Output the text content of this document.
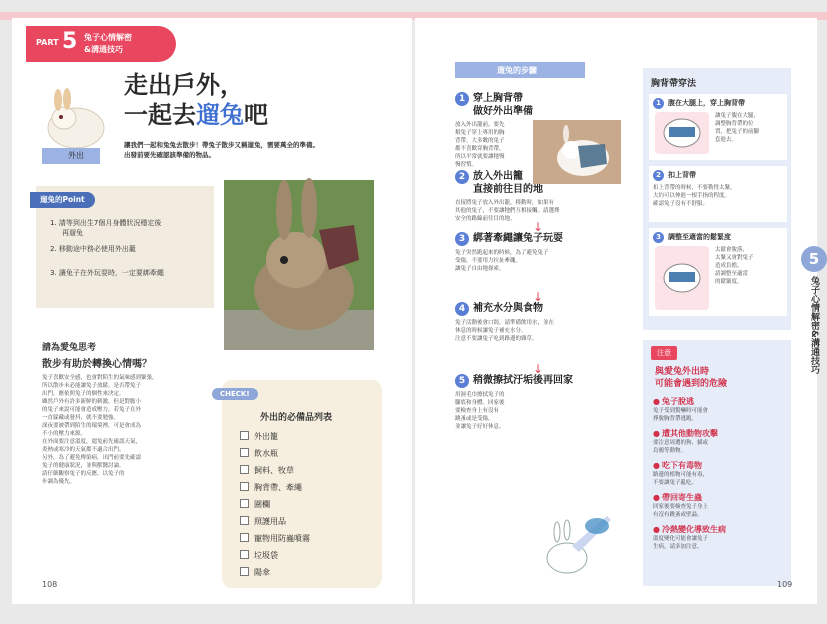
PART 5 兔子心情解密
&溝通技巧
外出
走出戶外，
一起去遛兔吧
讓我們一起和兔兔去散步！帶兔子散步又稱遛兔，需要萬全的準備。
出發前要先確認該準備的物品。
遛兔的Point
1. 請等到出生7個月身體狀況穩定後
再遛兔
2. 移動途中務必使用外出籠
3. 讓兔子在外玩耍時，一定要綁牽繩
請為愛兔思考
散步有助於轉換心情嗎？
兔子喜歡安全感，也會對陌生的氣味感到緊張，
所以散步未必能讓兔子放鬆。是否帶兔子
出門，應依照兔子的個性來決定。
雖然戶外有許多新鮮的刺激，但是對膽小
的兔子來說可能會造成壓力，若兔子在外
一直躲藏或發抖，就不要勉強。
深夜要被帶到陌生的環境裡，可是會成為
不小的壓力來源。
在外面要注意溫度，遛兔前先確認天氣，
炎熱或寒冷的天氣都不適合出門。
另外，為了避免傳染病，出門前要先確認
兔子的健康狀況，並與獸醫討論。
請仔細觀察兔子的反應，以兔子的
步調為優先。
CHECK!
外出的必備品列表
外出籠
飲水瓶
飼料、牧草
胸背帶、牽繩
圍欄
照護用品
寵物用防蟲噴霧
垃圾袋
陽傘
108
遛兔的步驟
1 穿上胸背帶
做好外出準備
放入外出籠前，要先
幫兔子穿上專用的胸
背帶。大多數的兔子
都不喜歡穿胸背帶，
所以平常就要讓牠慢
慢習慣。
2 放入外出籠
直接前往目的地
直接將兔子放入外出籠，移動時，如果有
其他的兔子，不要讓牠們互相接觸。請選擇
安全的路線前往目的地。
↓
3 綁著牽繩讓兔子玩耍
兔子突然跑起來的時候，為了避免兔子
受傷，不要用力拉扯牽繩。
讓兔子自由地探索。
↓
4 補充水分與食物
兔子活動後會口渴，請準備飲用水，並在
休息的時候讓兔子補充水分。
注意不要讓兔子吃到路邊的雜草。
↓
5 稍微擦拭汙垢後再回家
用濕毛巾擦拭兔子的
腳底和身體。回家後
要檢查身上有沒有
跳蚤或是受傷，
並讓兔子好好休息。
胸背帶穿法
1 腹在大腿上，穿上胸背帶
讓兔子腹在大腿，
調整胸背帶的位
置，把兔子的前腳
套進去。
2 扣上背帶
扣上背帶的時候，不要勒得太緊，
大約可以伸進一根手指的程度。
確認兔子沒有不舒服。
3 調整至適當的鬆緊度
太鬆會脫落，
太緊又會對兔子
造成負擔，
請調整至適當
的鬆緊度。
5
兔子心情解密&溝通技巧
注意
與愛兔外出時
可能會遇到的危險
● 兔子脫逃
兔子受到驚嚇時可能會
掙脫胸背帶逃跑。
● 遭其他動物攻擊
要注意周遭的狗、貓或
烏鴉等動物。
● 吃下有毒物
路邊的植物可能有毒，
不要讓兔子亂吃。
● 帶回寄生蟲
回家後要檢查兔子身上
有沒有跳蚤或壁蝨。
● 冷熱變化導致生病
溫度變化可能會讓兔子
生病，請多加注意。
109
